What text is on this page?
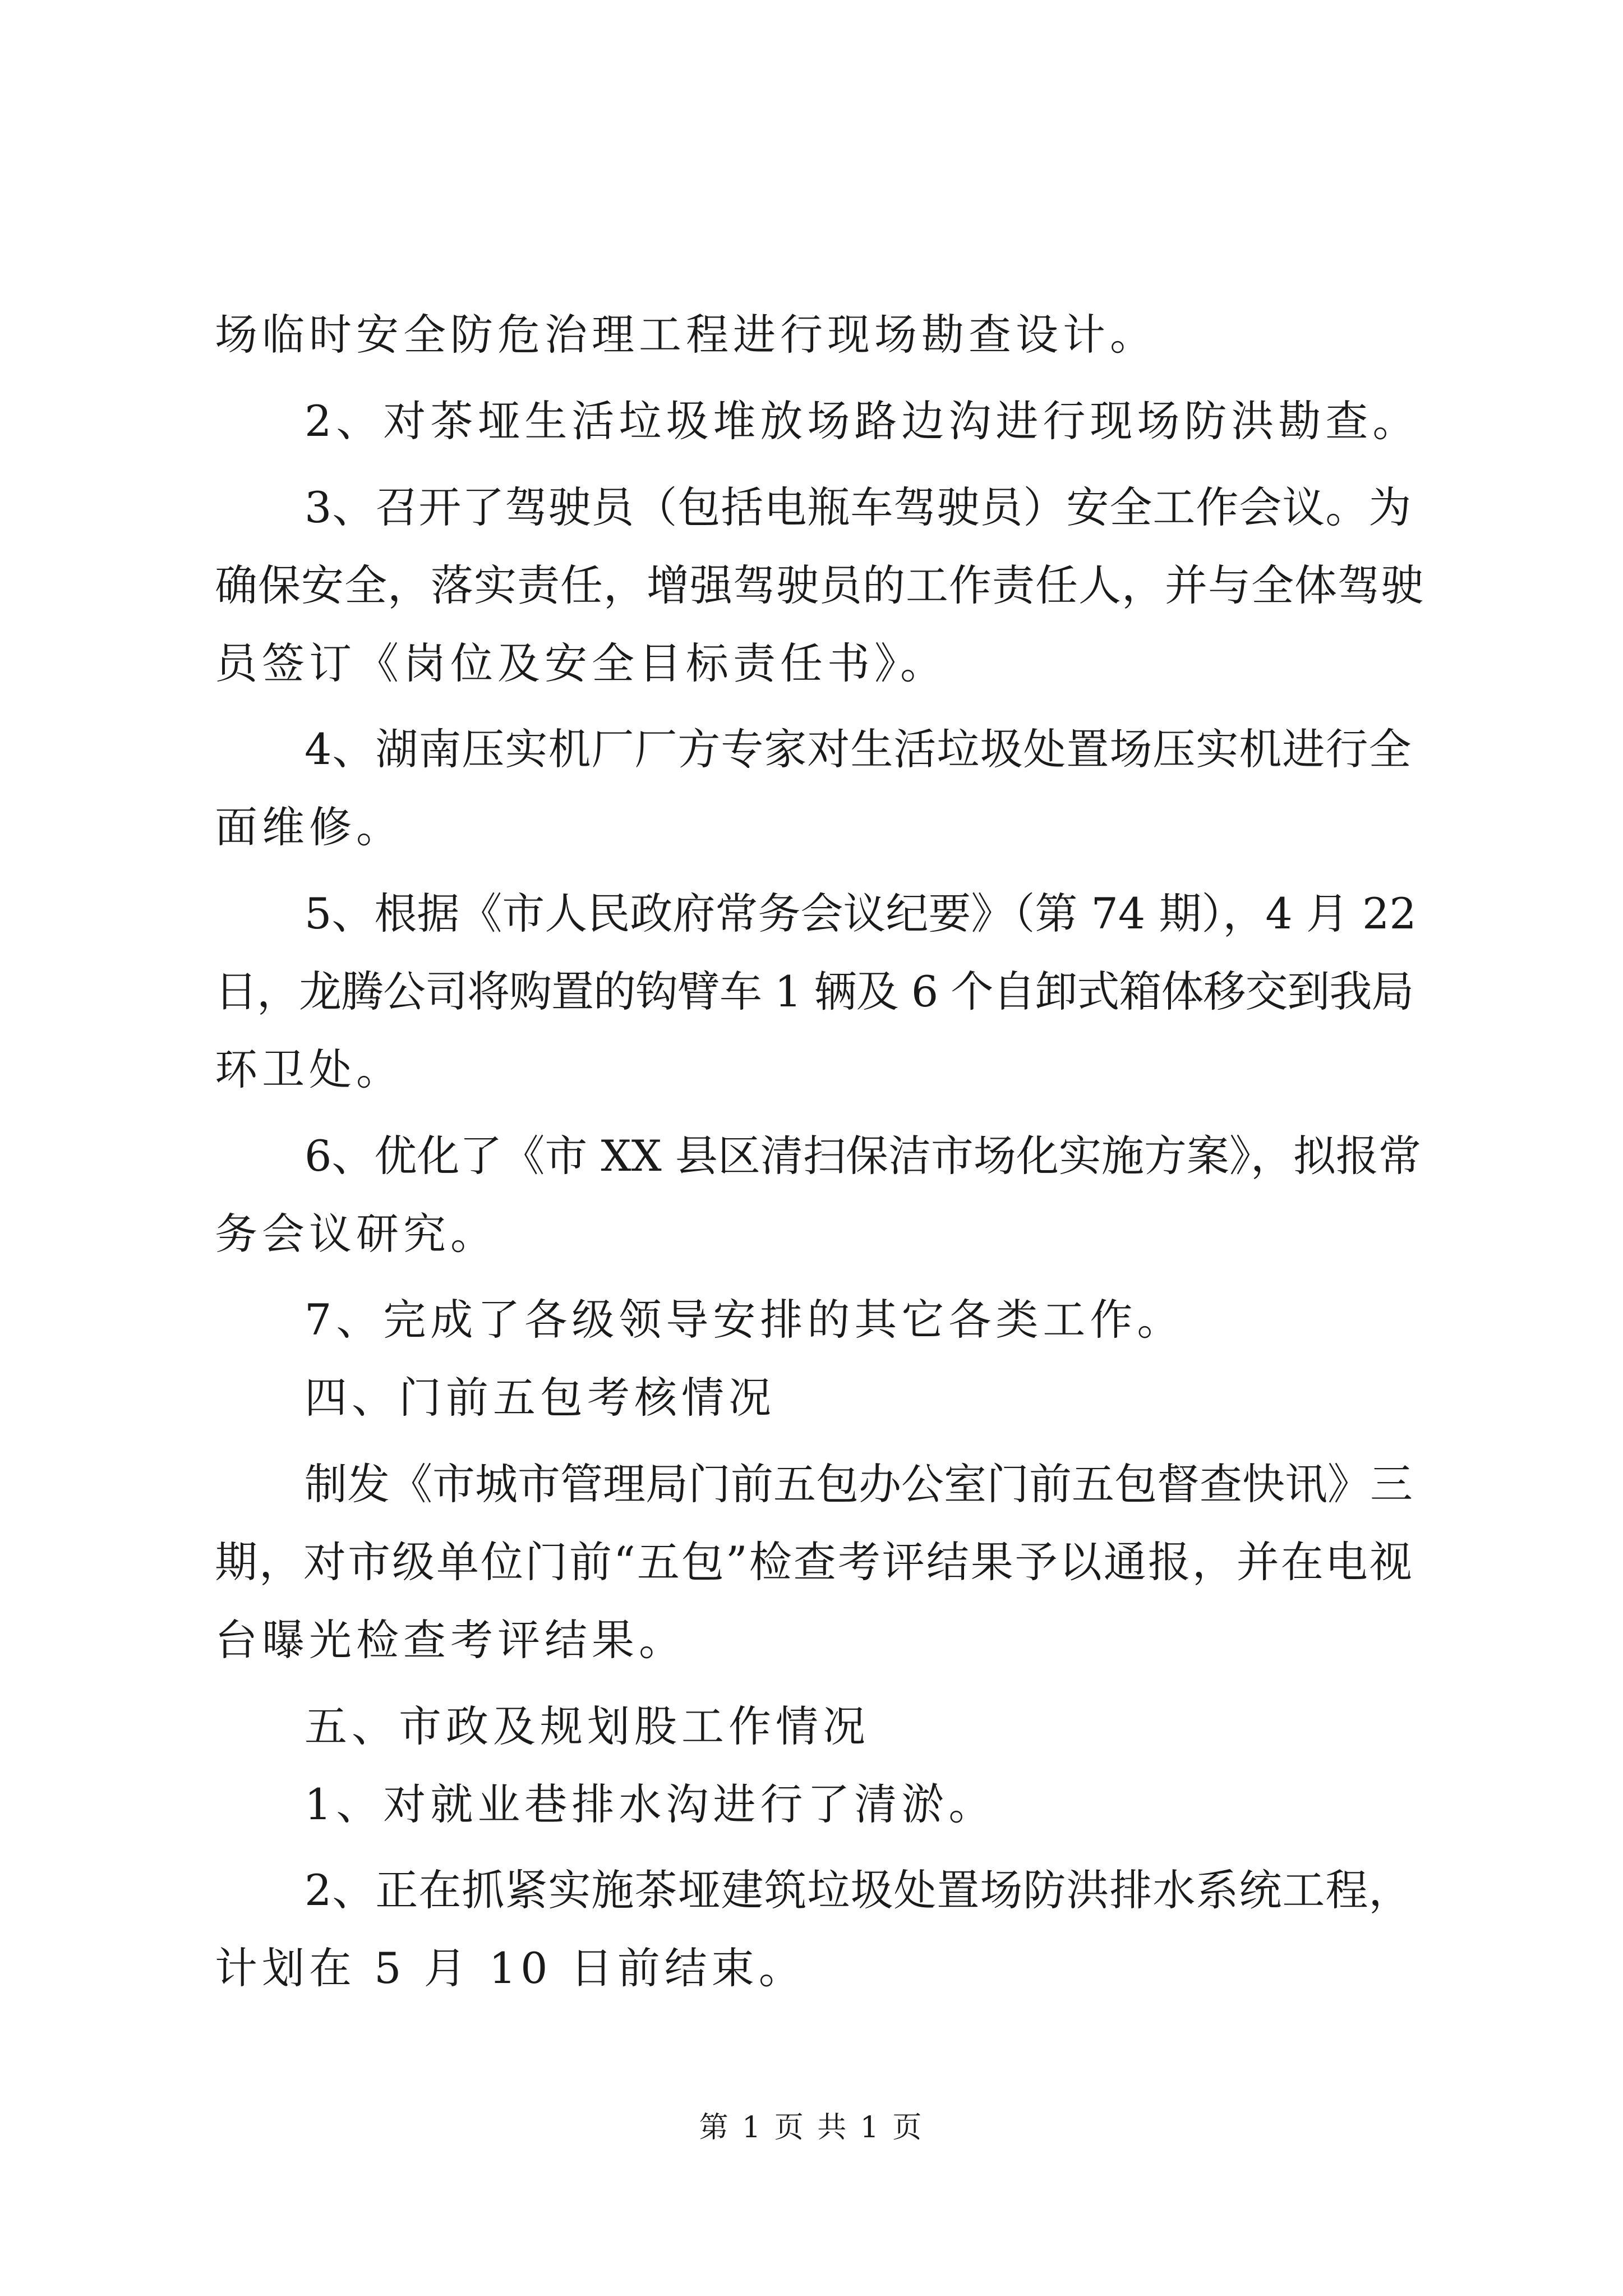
场临时安全防危治理工程进行现场勘查设计。
2、对茶垭生活垃圾堆放场路边沟进行现场防洪勘查。
3、召开了驾驶员（包括电瓶车驾驶员）安全工作会议。为
确保安全，落实责任，增强驾驶员的工作责任人，并与全体驾驶
员签订《岗位及安全目标责任书》。
4、湖南压实机厂厂方专家对生活垃圾处置场压实机进行全
面维修。
5、根据《市人民政府常务会议纪要》（第 74 期），4 月 22
日，龙腾公司将购置的钩臂车 1 辆及 6 个自卸式箱体移交到我局
环卫处。
6、优化了《市 XX 县区清扫保洁市场化实施方案》，拟报常
务会议研究。
7、完成了各级领导安排的其它各类工作。
四、门前五包考核情况
制发《市城市管理局门前五包办公室门前五包督查快讯》三
期，对市级单位门前“五包”检查考评结果予以通报，并在电视
台曝光检查考评结果。
五、市政及规划股工作情况
1、对就业巷排水沟进行了清淤。
2、正在抓紧实施茶垭建筑垃圾处置场防洪排水系统工程，
计划在 5 月 10 日前结束。
第 1 页 共 1 页
